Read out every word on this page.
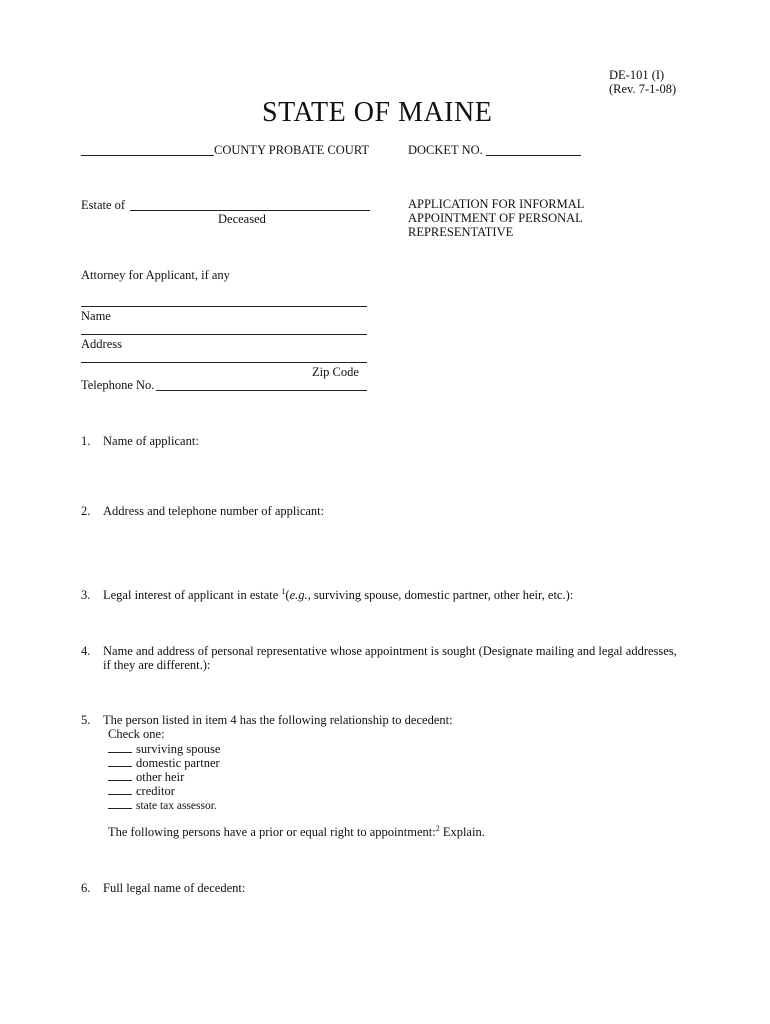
DE-101 (I)
(Rev. 7-1-08)
STATE OF MAINE
COUNTY PROBATE COURT	DOCKET NO.
Estate of
Deceased
APPLICATION FOR INFORMAL
APPOINTMENT OF PERSONAL
REPRESENTATIVE
Attorney for Applicant, if any
Name
Address
Zip Code
Telephone No.
1. Name of applicant:
2. Address and telephone number of applicant:
3. Legal interest of applicant in estate $^1$(e.g., surviving spouse, domestic partner, other heir, etc.):
4. Name and address of personal representative whose appointment is sought (Designate mailing and legal addresses,
if they are different.):
5. The person listed in item 4 has the following relationship to decedent:
Check one:
surviving spouse
domestic partner
other heir
creditor
state tax assessor.
The following persons have a prior or equal right to appointment:$^2$ Explain.
6. Full legal name of decedent:
